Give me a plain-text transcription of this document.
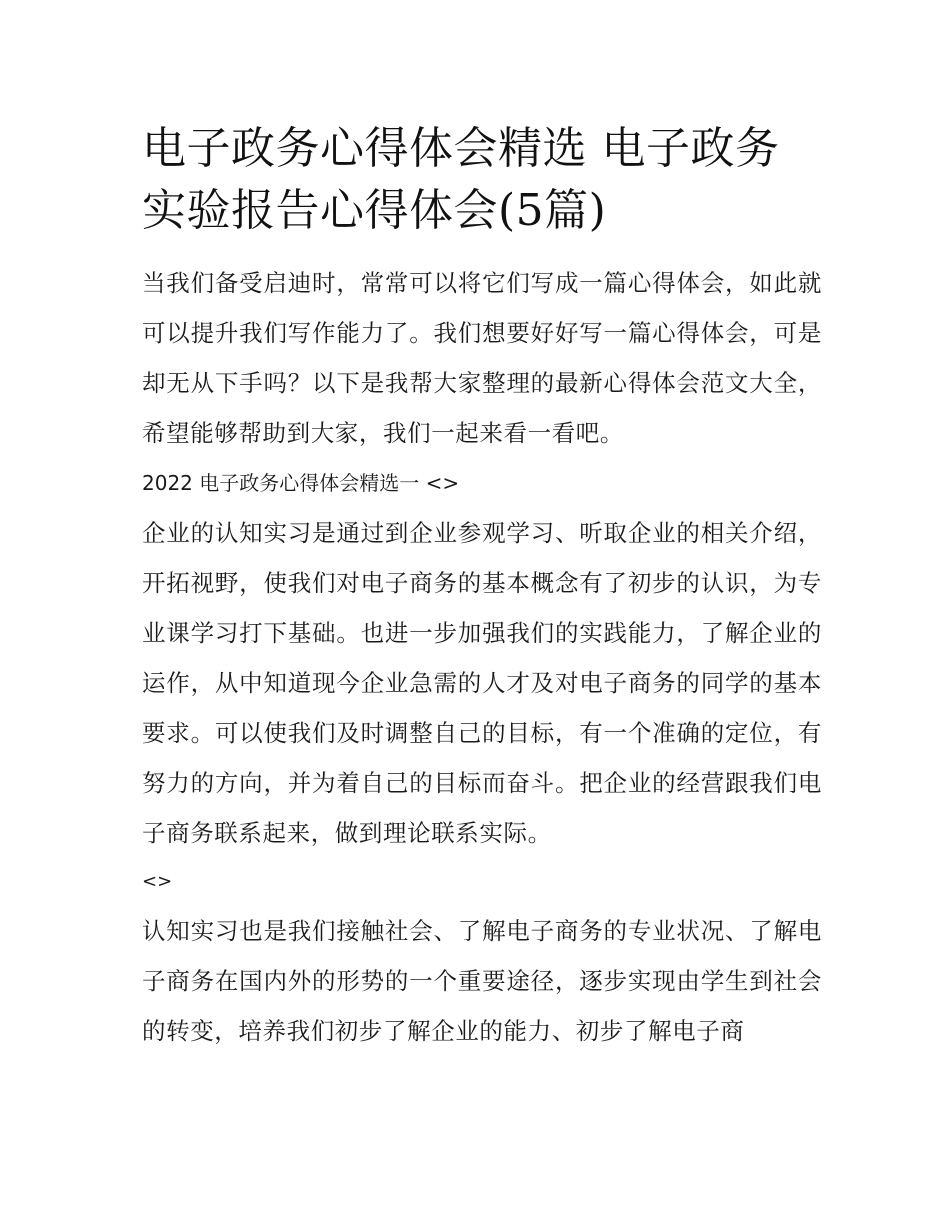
电子政务心得体会精选 电子政务实验报告心得体会(5篇)

当我们备受启迪时，常常可以将它们写成一篇心得体会，如此就可以提升我们写作能力了。我们想要好好写一篇心得体会，可是却无从下手吗？以下是我帮大家整理的最新心得体会范文大全，希望能够帮助到大家，我们一起来看一看吧。

2022 电子政务心得体会精选一 <>

企业的认知实习是通过到企业参观学习、听取企业的相关介绍，开拓视野，使我们对电子商务的基本概念有了初步的认识，为专业课学习打下基础。也进一步加强我们的实践能力，了解企业的运作，从中知道现今企业急需的人才及对电子商务的同学的基本要求。可以使我们及时调整自己的目标，有一个准确的定位，有努力的方向，并为着自己的目标而奋斗。把企业的经营跟我们电子商务联系起来，做到理论联系实际。

<>

认知实习也是我们接触社会、了解电子商务的专业状况、了解电子商务在国内外的形势的一个重要途径，逐步实现由学生到社会的转变，培养我们初步了解企业的能力、初步了解电子商
